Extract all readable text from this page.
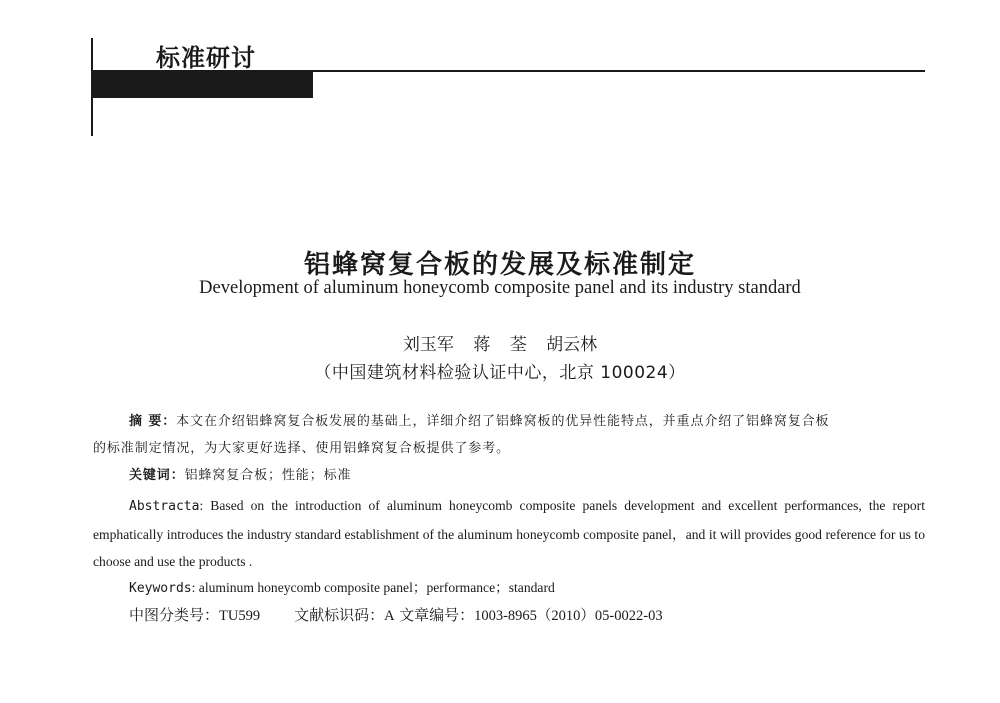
标准研讨
铝蜂窝复合板的发展及标准制定
Development of aluminum honeycomb composite panel and its industry standard
刘玉军 蒋 荃 胡云林
（中国建筑材料检验认证中心，北京 100024）
摘 要：本文在介绍铝蜂窝复合板发展的基础上，详细介绍了铝蜂窝板的优异性能特点，并重点介绍了铝蜂窝复合板
的标准制定情况，为大家更好选择、使用铝蜂窝复合板提供了参考。
关键词：铝蜂窝复合板；性能；标准
Abstracta: Based on the introduction of aluminum honeycomb composite panels development and excellent performances, the report emphatically introduces the industry standard establishment of the aluminum honeycomb composite panel，and it will provides good reference for us to choose and use the products .
Keywords: aluminum honeycomb composite panel；performance；standard
中图分类号：TU599 文献标识码：A 文章编号：1003-8965（2010）05-0022-03
